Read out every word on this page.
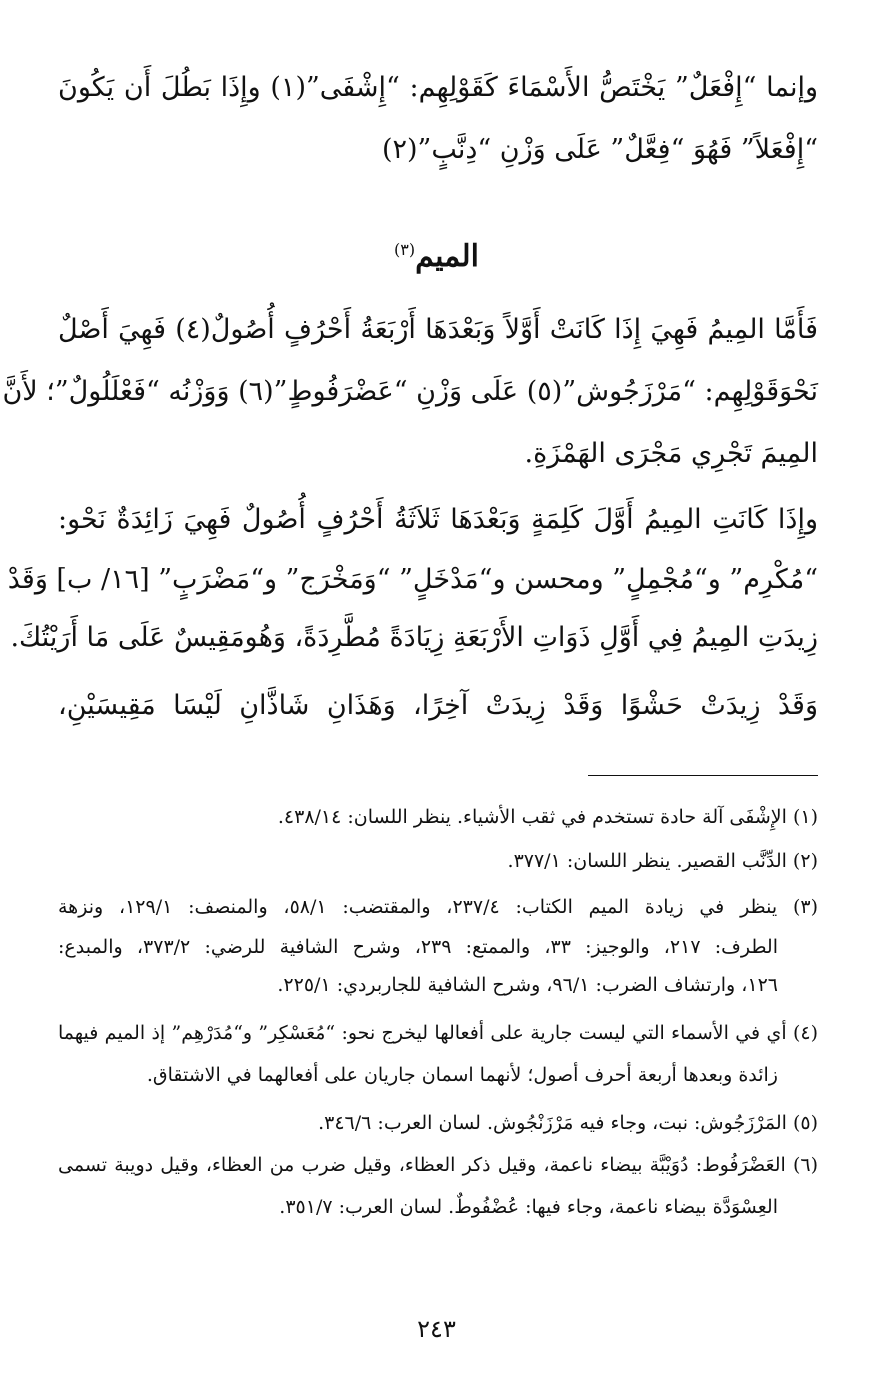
وإنما “إِفْعَلٌ” يَخْتَصُّ الأَسْمَاءَ كَقَوْلِهِم: “إِشْفَى”(١) وإِذَا بَطُلَ أَن يَكُونَ
“إِفْعَلاً” فَهُوَ “فِعَّلٌ” عَلَى وَزْنِ “دِنَّبٍ”(٢)
الميم$^{(٣)}$
فَأَمَّا المِيمُ فَهِيَ إِذَا كَانَتْ أَوَّلاً وَبَعْدَهَا أَرْبَعَةُ أَحْرُفٍ أُصُولٌ(٤) فَهِيَ أَصْلٌ
نَحْوَقَوْلِهِم: “مَرْزَجُوش”(٥) عَلَى وَزْنِ “عَضْرَفُوطٍ”(٦) وَوَزْنُه “فَعْلَلُولٌ”؛ لأَنَّ
المِيمَ تَجْرِي مَجْرَى الهَمْزَةِ.
وإِذَا كَانَتِ المِيمُ أَوَّلَ كَلِمَةٍ وَبَعْدَهَا ثَلاَثَةُ أَحْرُفٍ أُصُولٌ فَهِيَ زَائِدَةٌ نَحْو:
“مُكْرِم” و“مُجْمِلٍ” ومحسن و“مَدْخَلٍ” “وَمَخْرَج” و“مَضْرَبٍ” [١٦/ ب] وَقَدْ
زِيدَتِ المِيمُ فِي أَوَّلِ ذَوَاتِ الأَرْبَعَةِ زِيَادَةً مُطَّرِدَةً، وَهُومَقِيسٌ عَلَى مَا أَرَيْتُكَ.
وَقَدْ زِيدَتْ حَشْوًا وَقَدْ زِيدَتْ آخِرًا، وَهَذَانِ شَاذَّانِ لَيْسَا مَقِيسَيْنِ،
(١) الإِشْفَى آلة حادة تستخدم في ثقب الأشياء. ينظر اللسان: ٤٣٨/١٤.
(٢) الدِّنَّب القصير. ينظر اللسان: ٣٧٧/١.
(٣) ينظر في زيادة الميم الكتاب: ٢٣٧/٤، والمقتضب: ٥٨/١، والمنصف: ١٢٩/١، ونزهة
الطرف: ٢١٧، والوجيز: ٣٣، والممتع: ٢٣٩، وشرح الشافية للرضي: ٣٧٣/٢، والمبدع:
١٢٦، وارتشاف الضرب: ٩٦/١، وشرح الشافية للجاربردي: ٢٢٥/١.
(٤) أي في الأسماء التي ليست جارية على أفعالها ليخرج نحو: “مُعَسْكِر” و“مُدَرْهِم” إذ الميم فيهما
زائدة وبعدها أربعة أحرف أصول؛ لأنهما اسمان جاريان على أفعالهما في الاشتقاق.
(٥) المَرْزَجُوش: نبت، وجاء فيه مَرْزَنْجُوش. لسان العرب: ٣٤٦/٦.
(٦) العَضْرَفُوط: دُوَيْبَّة بيضاء ناعمة، وقيل ذكر العظاء، وقيل ضرب من العظاء، وقيل دويبة تسمى
العِسْوَدَّة بيضاء ناعمة، وجاء فيها: عُضْفُوطٌ. لسان العرب: ٣٥١/٧.
٢٤٣
